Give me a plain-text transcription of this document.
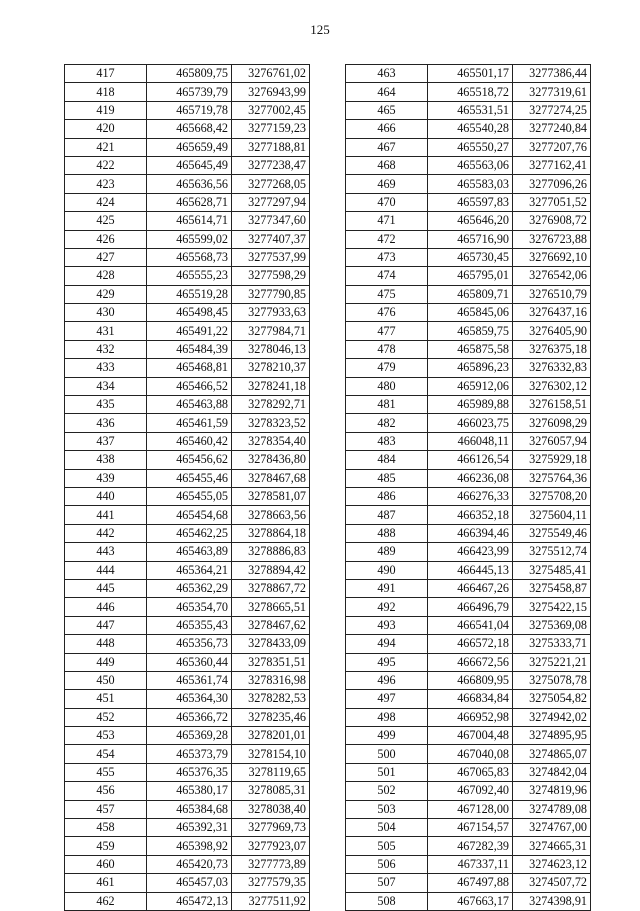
125
417	465809,75	3276761,02
418	465739,79	3276943,99
419	465719,78	3277002,45
420	465668,42	3277159,23
421	465659,49	3277188,81
422	465645,49	3277238,47
423	465636,56	3277268,05
424	465628,71	3277297,94
425	465614,71	3277347,60
426	465599,02	3277407,37
427	465568,73	3277537,99
428	465555,23	3277598,29
429	465519,28	3277790,85
430	465498,45	3277933,63
431	465491,22	3277984,71
432	465484,39	3278046,13
433	465468,81	3278210,37
434	465466,52	3278241,18
435	465463,88	3278292,71
436	465461,59	3278323,52
437	465460,42	3278354,40
438	465456,62	3278436,80
439	465455,46	3278467,68
440	465455,05	3278581,07
441	465454,68	3278663,56
442	465462,25	3278864,18
443	465463,89	3278886,83
444	465364,21	3278894,42
445	465362,29	3278867,72
446	465354,70	3278665,51
447	465355,43	3278467,62
448	465356,73	3278433,09
449	465360,44	3278351,51
450	465361,74	3278316,98
451	465364,30	3278282,53
452	465366,72	3278235,46
453	465369,28	3278201,01
454	465373,79	3278154,10
455	465376,35	3278119,65
456	465380,17	3278085,31
457	465384,68	3278038,40
458	465392,31	3277969,73
459	465398,92	3277923,07
460	465420,73	3277773,89
461	465457,03	3277579,35
462	465472,13	3277511,92
463	465501,17	3277386,44
464	465518,72	3277319,61
465	465531,51	3277274,25
466	465540,28	3277240,84
467	465550,27	3277207,76
468	465563,06	3277162,41
469	465583,03	3277096,26
470	465597,83	3277051,52
471	465646,20	3276908,72
472	465716,90	3276723,88
473	465730,45	3276692,10
474	465795,01	3276542,06
475	465809,71	3276510,79
476	465845,06	3276437,16
477	465859,75	3276405,90
478	465875,58	3276375,18
479	465896,23	3276332,83
480	465912,06	3276302,12
481	465989,88	3276158,51
482	466023,75	3276098,29
483	466048,11	3276057,94
484	466126,54	3275929,18
485	466236,08	3275764,36
486	466276,33	3275708,20
487	466352,18	3275604,11
488	466394,46	3275549,46
489	466423,99	3275512,74
490	466445,13	3275485,41
491	466467,26	3275458,87
492	466496,79	3275422,15
493	466541,04	3275369,08
494	466572,18	3275333,71
495	466672,56	3275221,21
496	466809,95	3275078,78
497	466834,84	3275054,82
498	466952,98	3274942,02
499	467004,48	3274895,95
500	467040,08	3274865,07
501	467065,83	3274842,04
502	467092,40	3274819,96
503	467128,00	3274789,08
504	467154,57	3274767,00
505	467282,39	3274665,31
506	467337,11	3274623,12
507	467497,88	3274507,72
508	467663,17	3274398,91
